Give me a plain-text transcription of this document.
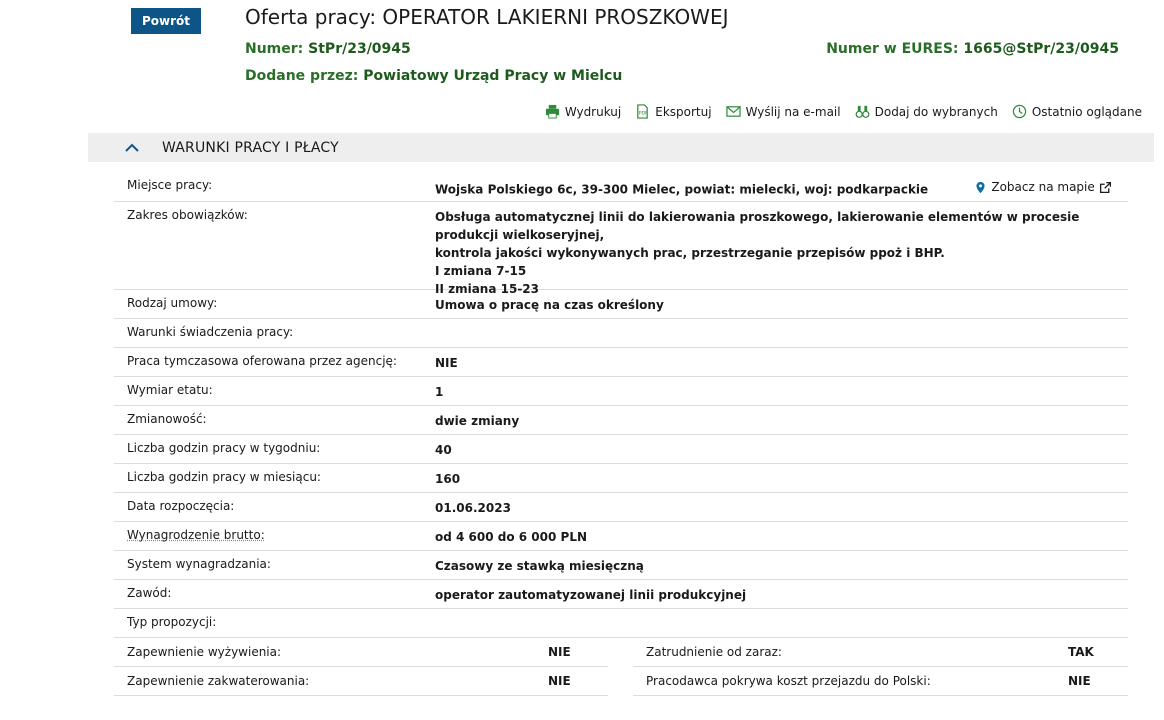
Powrót	Oferta pracy: OPERATOR LAKIERNI PROSZKOWEJ
Numer: StPr/23/0945	Numer w EURES: 1665@StPr/23/0945
Dodane przez: Powiatowy Urząd Pracy w Mielcu
Wydrukuj	PDF Eksportuj	Wyślij na e-mail	Dodaj do wybranych	Ostatnio oglądane
WARUNKI PRACY I PŁACY
Miejsce pracy:	Wojska Polskiego 6c, 39-300 Mielec, powiat: mielecki, woj: podkarpackie	Zobacz na mapie
Zakres obowiązków:	Obsługa automatycznej linii do lakierowania proszkowego, lakierowanie elementów w procesie produkcji wielkoseryjnej,
kontrola jakości wykonywanych prac, przestrzeganie przepisów ppoż i BHP.
I zmiana 7-15
II zmiana 15-23
Rodzaj umowy:	Umowa o pracę na czas określony
Warunki świadczenia pracy:
Praca tymczasowa oferowana przez agencję:	NIE
Wymiar etatu:	1
Zmianowość:	dwie zmiany
Liczba godzin pracy w tygodniu:	40
Liczba godzin pracy w miesiącu:	160
Data rozpoczęcia:	01.06.2023
Wynagrodzenie brutto:	od 4 600 do 6 000 PLN
System wynagradzania:	Czasowy ze stawką miesięczną
Zawód:	operator zautomatyzowanej linii produkcyjnej
Typ propozycji:
Zapewnienie wyżywienia:	NIE	Zatrudnienie od zaraz:	TAK
Zapewnienie zakwaterowania:	NIE	Pracodawca pokrywa koszt przejazdu do Polski:	NIE
